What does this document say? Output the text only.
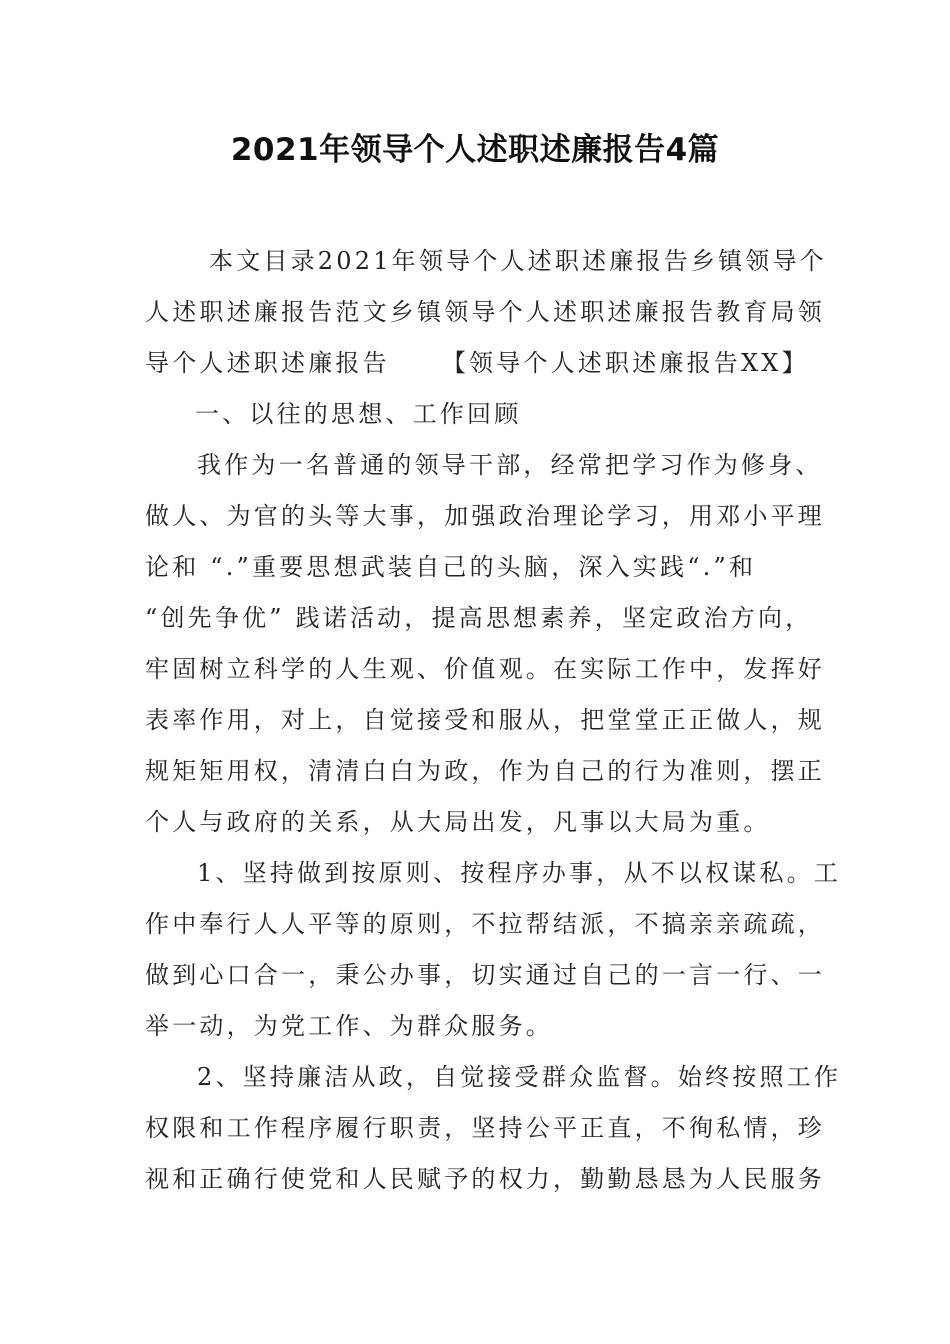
2021年领导个人述职述廉报告4篇
本文目录2021年领导个人述职述廉报告乡镇领导个
人述职述廉报告范文乡镇领导个人述职述廉报告教育局领
导个人述职述廉报告 【领导个人述职述廉报告XX】
一、以往的思想、工作回顾
我作为一名普通的领导干部，经常把学习作为修身、
做人、为官的头等大事，加强政治理论学习，用邓小平理
论和 “.”重要思想武装自己的头脑，深入实践“.”和
“创先争优” 践诺活动，提高思想素养，坚定政治方向，
牢固树立科学的人生观、价值观。在实际工作中，发挥好
表率作用，对上，自觉接受和服从，把堂堂正正做人，规
规矩矩用权，清清白白为政，作为自己的行为准则，摆正
个人与政府的关系，从大局出发，凡事以大局为重。
1、坚持做到按原则、按程序办事，从不以权谋私。工
作中奉行人人平等的原则，不拉帮结派，不搞亲亲疏疏，
做到心口合一，秉公办事，切实通过自己的一言一行、一
举一动，为党工作、为群众服务。
2、坚持廉洁从政，自觉接受群众监督。始终按照工作
权限和工作程序履行职责，坚持公平正直，不徇私情，珍
视和正确行使党和人民赋予的权力，勤勤恳恳为人民服务
